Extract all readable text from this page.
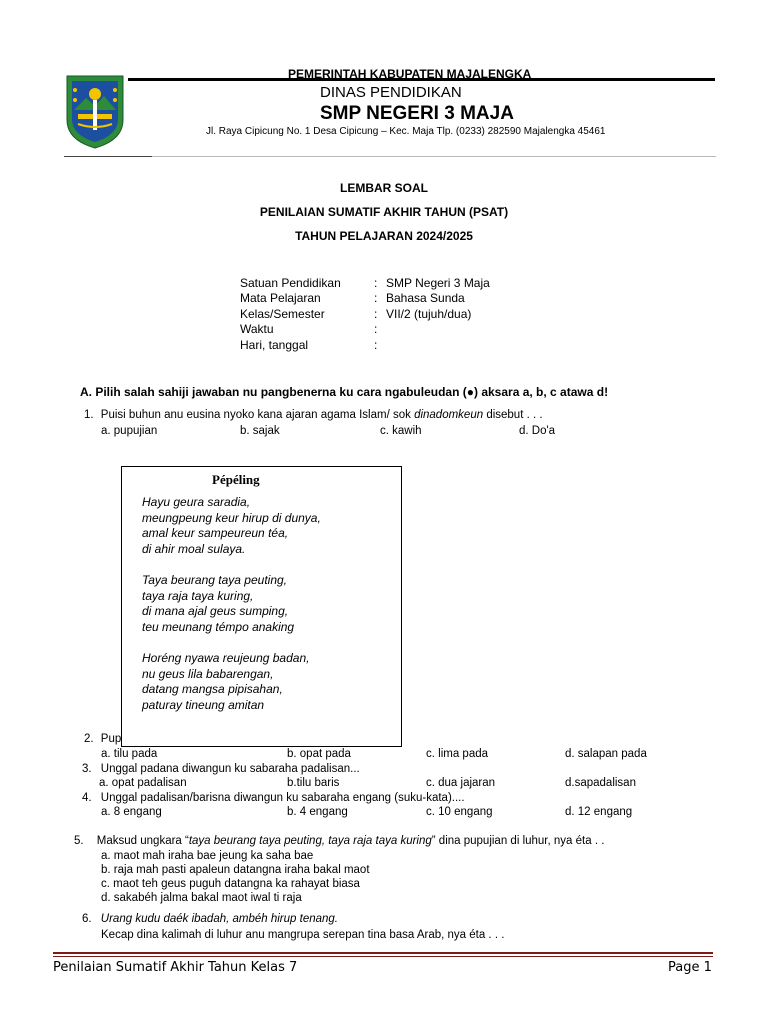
PEMERINTAH KABUPATEN MAJALENGKA
DINAS PENDIDIKAN
SMP NEGERI 3 MAJA
Jl. Raya Cipicung No. 1 Desa Cipicung – Kec. Maja Tlp. (0233) 282590 Majalengka 45461
LEMBAR SOAL
PENILAIAN SUMATIF AKHIR TAHUN (PSAT)
TAHUN PELAJARAN 2024/2025
Satuan Pendidikan	: SMP Negeri 3 Maja
Mata Pelajaran	: Bahasa Sunda
Kelas/Semester	: VII/2 (tujuh/dua)
Waktu	:
Hari, tanggal	:
A. Pilih salah sahiji jawaban nu pangbenerna ku cara ngabuleudan (●) aksara a, b, c atawa d!
1. Puisi buhun anu eusina nyoko kana ajaran agama Islam/ sok dinadomkeun disebut . . .
a. pupujian	b. sajak	c. kawih	d. Do'a
2. Pup
Pépéling
Hayu geura saradia,
meungpeung keur hirup di dunya,
amal keur sampeureun téa,
di ahir moal sulaya.
Taya beurang taya peuting,
taya raja taya kuring,
di mana ajal geus sumping,
teu meunang témpo anaking
Horéng nyawa reujeung badan,
nu geus lila babarengan,
datang mangsa pipisahan,
paturay tineung amitan
a. tilu pada	b. opat pada	c. lima pada	d. salapan pada
3. Unggal padana diwangun ku sabaraha padalisan...
a. opat padalisan	b.tilu baris	c. dua jajaran	d.sapadalisan
4. Unggal padalisan/barisna diwangun ku sabaraha engang (suku-kata)....
a. 8 engang	b. 4 engang	c. 10 engang	d. 12 engang
5. Maksud ungkara “taya beurang taya peuting, taya raja taya kuring” dina pupujian di luhur, nya éta . .
a. maot mah iraha bae jeung ka saha bae
b. raja mah pasti apaleun datangna iraha bakal maot
c. maot teh geus puguh datangna ka rahayat biasa
d. sakabéh jalma bakal maot iwal ti raja
6. Urang kudu daék ibadah, ambéh hirup tenang.
Kecap dina kalimah di luhur anu mangrupa serepan tina basa Arab, nya éta . . .
Penilaian Sumatif Akhir Tahun Kelas 7	Page 1
